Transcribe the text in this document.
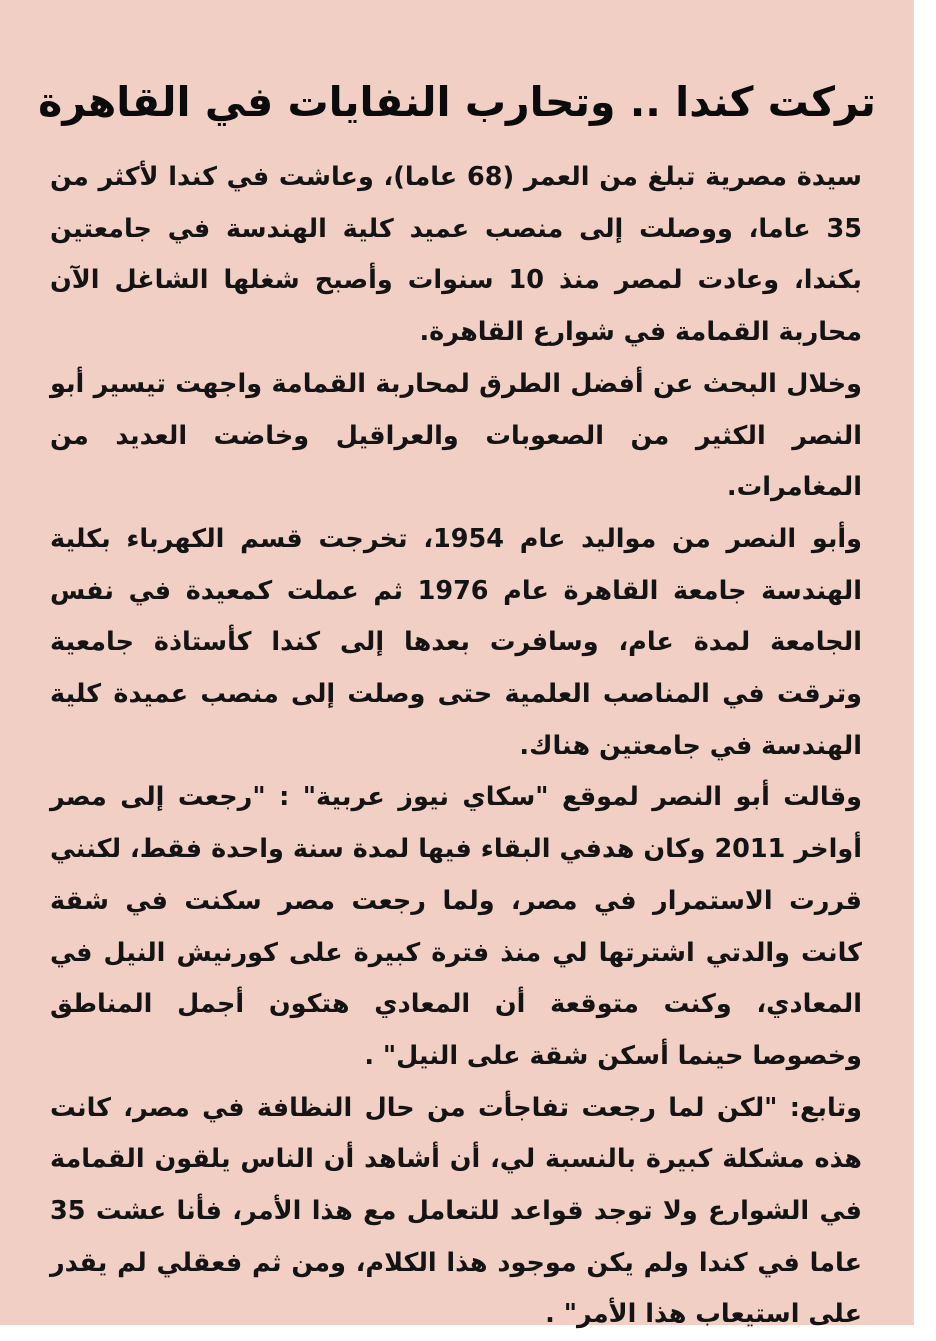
تركت كندا .. وتحارب النفايات في القاهرة

سيدة مصرية تبلغ من العمر (68 عاما)، وعاشت في كندا لأكثر من 35 عاما، ووصلت إلى منصب عميد كلية الهندسة في جامعتين بكندا، وعادت لمصر منذ 10 سنوات وأصبح شغلها الشاغل الآن محاربة القمامة في شوارع القاهرة.

وخلال البحث عن أفضل الطرق لمحاربة القمامة واجهت تيسير أبو النصر الكثير من الصعوبات والعراقيل وخاضت العديد من المغامرات.

وأبو النصر من مواليد عام 1954، تخرجت قسم الكهرباء بكلية الهندسة جامعة القاهرة عام 1976 ثم عملت كمعيدة في نفس الجامعة لمدة عام، وسافرت بعدها إلى كندا كأستاذة جامعية وترقت في المناصب العلمية حتى وصلت إلى منصب عميدة كلية الهندسة في جامعتين هناك.

وقالت أبو النصر لموقع "سكاي نيوز عربية" : "رجعت إلى مصر أواخر 2011 وكان هدفي البقاء فيها لمدة سنة واحدة فقط، لكنني قررت الاستمرار في مصر، ولما رجعت مصر سكنت في شقة كانت والدتي اشترتها لي منذ فترة كبيرة على كورنيش النيل في المعادي، وكنت متوقعة أن المعادي هتكون أجمل المناطق وخصوصا حينما أسكن شقة على النيل" .

وتابع: "لكن لما رجعت تفاجأت من حال النظافة في مصر، كانت هذه مشكلة كبيرة بالنسبة لي، أن أشاهد أن الناس يلقون القمامة في الشوارع ولا توجد قواعد للتعامل مع هذا الأمر، فأنا عشت 35 عاما في كندا ولم يكن موجود هذا الكلام، ومن ثم فعقلي لم يقدر على استيعاب هذا الأمر" .
